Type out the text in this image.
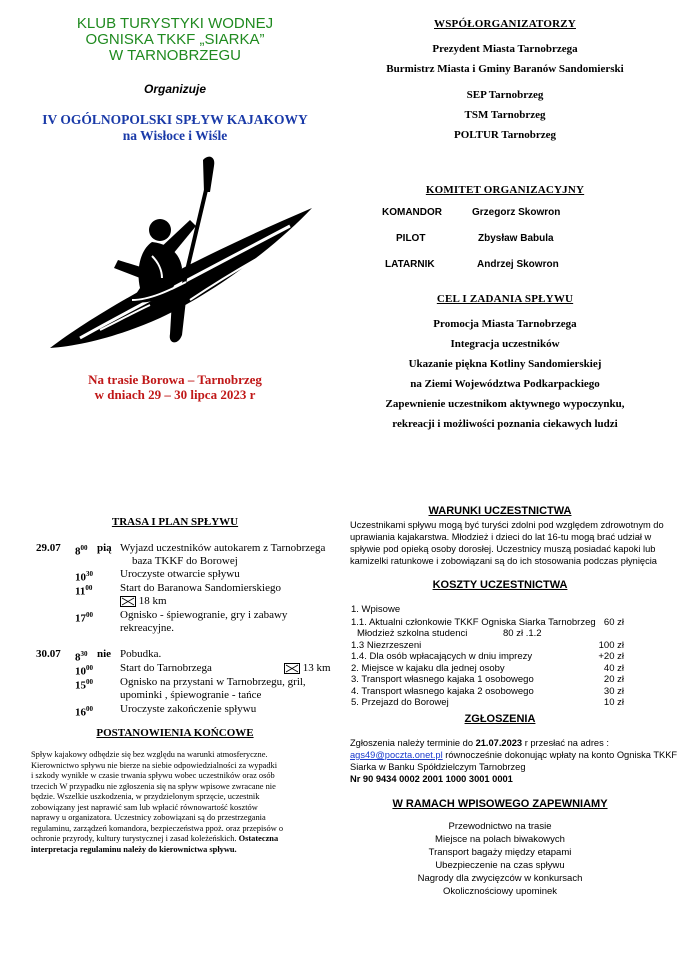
KLUB TURYSTYKI WODNEJ
OGNISKA TKKF „SIARKA”
W TARNOBRZEGU
Organizuje
IV OGÓLNOPOLSKI SPŁYW KAJAKOWY
na Wisłoce i Wiśle
Na trasie Borowa – Tarnobrzeg
w dniach 29 – 30 lipca 2023 r
WSPÓŁORGANIZATORZY
Prezydent Miasta Tarnobrzega
Burmistrz Miasta i Gminy Baranów Sandomierski
SEP Tarnobrzeg
TSM Tarnobrzeg
POLTUR Tarnobrzeg
KOMITET ORGANIZACYJNY
KOMANDOR	Grzegorz Skowron
PILOT	Zbysław Babula
LATARNIK	Andrzej Skowron
CEL I ZADANIA SPŁYWU
Promocja Miasta Tarnobrzega
Integracja uczestników
Ukazanie piękna Kotliny Sandomierskiej
na Ziemi Województwa Podkarpackiego
Zapewnienie uczestnikom aktywnego wypoczynku,
rekreacji i możliwości poznania ciekawych ludzi
TRASA I PLAN SPŁYWU
29.07	pią
$8^{00}$	Wyjazd uczestników autokarem z Tarnobrzega
baza TKKF do Borowej
$10^{30}$ Uroczyste otwarcie spływu
$11^{00}$	Start do Baranowa Sandomierskiego
18 km
$17^{00}$ Ognisko - śpiewogranie, gry i zabawy
rekreacyjne.
30.07	nie
$8^{30}$	Pobudka.
$10^{00}$ Start do Tarnobrzega	13 km
$15^{00}$ Ognisko na przystani w Tarnobrzegu, gril,
upominki , śpiewogranie - tańce
$16^{00}$ Uroczyste zakończenie spływu
POSTANOWIENIA KOŃCOWE
Spływ kajakowy odbędzie się bez względu na warunki atmosferyczne.
Kierownictwo spływu nie bierze na siebie odpowiedzialności za wypadki
i szkody wynikłe w czasie trwania spływu wobec uczestników oraz osób
trzecich W przypadku nie zgłoszenia się na spływ wpisowe zwracane nie
będzie. Wszelkie uszkodzenia, w przydzielonym sprzęcie, uczestnik
zobowiązany jest naprawić sam lub wpłacić równowartość kosztów
naprawy u organizatora. Uczestnicy zobowiązani są do przestrzegania
regulaminu, zarządzeń komandora, bezpieczeństwa ppoż. oraz przepisów o
ochronie przyrody, kultury turystycznej i zasad koleżeńskich. Ostateczna
interpretacja regulaminu należy do kierownictwa spływu.
WARUNKI UCZESTNICTWA
Uczestnikami spływu mogą być turyści zdolni pod względem zdrowotnym do
uprawiania kajakarstwa. Młodzież i dzieci do lat 16-tu mogą brać udział w
spływie pod opieką osoby dorosłej. Uczestnicy muszą posiadać kapoki lub
kamizelki ratunkowe i zobowiązani są do ich stosowania podczas płynięcia
KOSZTY UCZESTNICTWA
1. Wpisowe
1.1. Aktualni członkowie TKKF Ogniska Siarka Tarnobrzeg 60 zł
Młodzież szkolna studenci	80 zł .1.2
1.3 Niezrzeszeni	100 zł
1.4. Dla osób wpłacających w dniu imprezy	+20 zł
2. Miejsce w kajaku dla jednej osoby	40 zł
3. Transport własnego kajaka 1 osobowego	20 zł
4. Transport własnego kajaka 2 osobowego	30 zł
5. Przejazd do Borowej	10 zł
ZGŁOSZENIA
Zgłoszenia należy terminie do 21.07.2023 r przesłać na adres :
ags49@poczta.onet.pl równocześnie dokonując wpłaty na konto Ogniska TKKF
Siarka w Banku Spółdzielczym Tarnobrzeg
Nr 90 9434 0002 2001 1000 3001 0001
W RAMACH WPISOWEGO ZAPEWNIAMY
Przewodnictwo na trasie
Miejsce na polach biwakowych
Transport bagaży między etapami
Ubezpieczenie na czas spływu
Nagrody dla zwycięzców w konkursach
Okolicznościowy upominek
